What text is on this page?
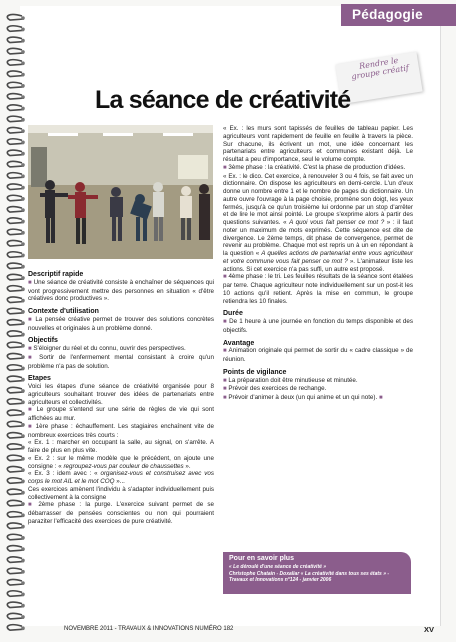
Pédagogie
Rendre le groupe créatif
La séance de créativité

Descriptif rapide

■ Une séance de créativité consiste à enchaîner de séquences qui vont progressivement mettre des personnes en situation « d'être créatives donc productives ».

Contexte d'utilisation

■ La pensée créative permet de trouver des solutions concrètes nouvelles et originales à un problème donné.

Objectifs

■ S'éloigner du réel et du connu, ouvrir des perspectives.

■ Sortir de l'enfermement mental consistant à croire qu'un problème n'a pas de solution.

Etapes

Voici les étapes d'une séance de créativité organisée pour 8 agriculteurs souhaitant trouver des idées de partenariats entre agriculteurs et collectivités.

■ Le groupe s'entend sur une série de règles de vie qui sont affichées au mur.

■ 1ère phase : échauffement. Les stagiaires enchaînent vite de nombreux exercices très courts :

« Ex. 1 : marcher en occupant la salle, au signal, on s'arrête. A faire de plus en plus vite.

« Ex. 2 : sur le même modèle que le précédent, on ajoute une consigne : « regroupez-vous par couleur de chaussettes ».

« Ex. 3 : idem avec : « organisez-vous et construisez avec vos corps le mot AIL et le mot COQ »...

Ces exercices amènent l'individu à s'adapter individuellement puis collectivement à la consigne

■ 2ème phase : la purge. L'exercice suivant permet de se débarrasser de pensées conscientes ou non qui pourraient paraziter l'efficacité des exercices de pure créativité.

« Ex. : les murs sont tapissés de feuilles de tableau papier. Les agriculteurs vont rapidement de feuille en feuille à travers la pièce. Sur chacune, ils écrivent un mot, une idée concernant les partenariats entre agriculteurs et communes existant déjà. Le résultat a peu d'importance, seul le volume compte.

■ 3ème phase : la créativité. C'est la phase de production d'idées.

« Ex. : le dico. Cet exercice, à renouveler 3 ou 4 fois, se fait avec un dictionnaire. On dispose les agriculteurs en demi-cercle. L'un d'eux donne un nombre entre 1 et le nombre de pages du dictionnaire. Un autre ouvre l'ouvrage à la page choisie, promène son doigt, les yeux fermés, jusqu'à ce qu'un troisième lui ordonne par un stop d'arrêter et de lire le mot ainsi pointé. Le groupe s'exprime alors à partir des questions suivantes. « A quoi vous fait penser ce mot ? » : il faut noter un maximum de mots exprimés. Cette séquence est dite de divergence. Le 2ème temps, dit phase de convergence, permet de revenir au problème. Chaque mot est repris un à un en répondant à la question « A quelles actions de partenariat entre vous agriculteur et votre commune vous fait penser ce mot ? ». L'animateur liste les actions. Si cet exercice n'a pas suffi, un autre est proposé.

■ 4ème phase : le tri. Les feuilles résultats de la séance sont étalées par terre. Chaque agriculteur note individuellement sur un post-it les 10 actions qu'il retient. Après la mise en commun, le groupe retiendra les 10 finales.

Durée

■ De 1 heure à une journée en fonction du temps disponible et des objectifs.

Avantage

■ Animation originale qui permet de sortir du « cadre classique » de réunion.

Points de vigilance

■ La préparation doit être minutieuse et minutée.

■ Prévoir des exercices de rechange.

■ Prévoir d'animer à deux (un qui anime et un qui note). ■

Pour en savoir plus
« Le déroulé d'une séance de créativité »
Christophe Chatain - Doxaliar « La créativité dans tous ses états » -
Travaux et Innovations n°124 - janvier 2006
NOVEMBRE 2011 - TRAVAUX & INNOVATIONS NUMÉRO 182	XV
